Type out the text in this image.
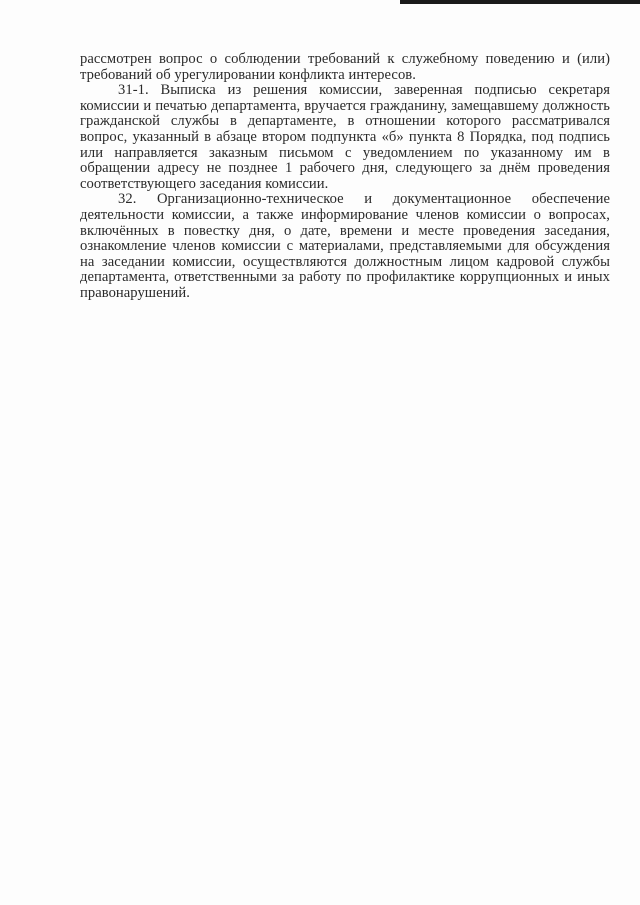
рассмотрен вопрос о соблюдении требований к служебному поведению и (или) требований об урегулировании конфликта интересов.

31-1. Выписка из решения комиссии, заверенная подписью секретаря комиссии и печатью департамента, вручается гражданину, замещавшему должность гражданской службы в департаменте, в отношении которого рассматривался вопрос, указанный в абзаце втором подпункта «б» пункта 8 Порядка, под подпись или направляется заказным письмом с уведомлением по указанному им в обращении адресу не позднее 1 рабочего дня, следующего за днём проведения соответствующего заседания комиссии.

32. Организационно-техническое и документационное обеспечение деятельности комиссии, а также информирование членов комиссии о вопросах, включённых в повестку дня, о дате, времени и месте проведения заседания, ознакомление членов комиссии с материалами, представляемыми для обсуждения на заседании комиссии, осуществляются должностным лицом кадровой службы департамента, ответственными за работу по профилактике коррупционных и иных правонарушений.
